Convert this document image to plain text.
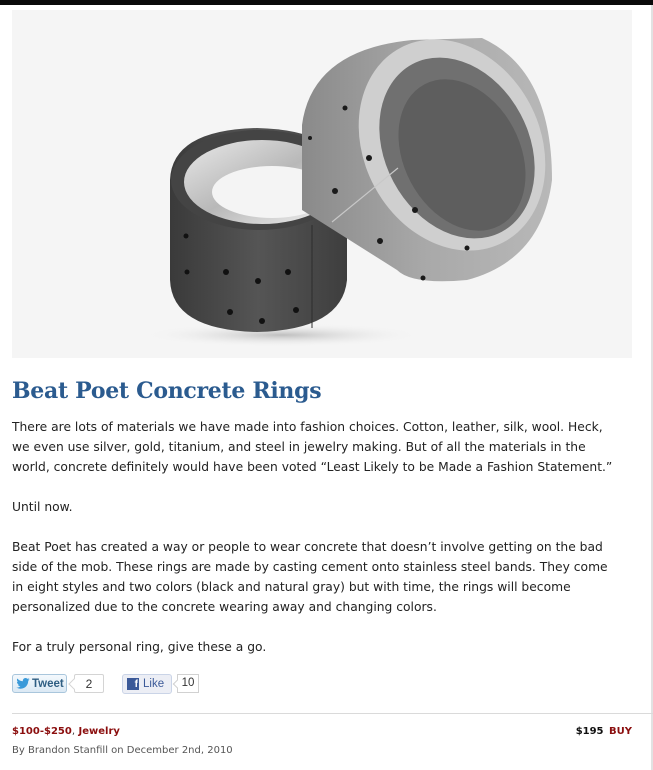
Beat Poet Concrete Rings
There are lots of materials we have made into fashion choices. Cotton, leather, silk, wool. Heck,
we even use silver, gold, titanium, and steel in jewelry making. But of all the materials in the
world, concrete definitely would have been voted “Least Likely to be Made a Fashion Statement.”
Until now.
Beat Poet has created a way or people to wear concrete that doesn’t involve getting on the bad
side of the mob. These rings are made by casting cement onto stainless steel bands. They come
in eight styles and two colors (black and natural gray) but with time, the rings will become
personalized due to the concrete wearing away and changing colors.
For a truly personal ring, give these a go.
Tweet	2	f Like	10
$100-$250, Jewelry
By Brandon Stanfill on December 2nd, 2010
$195 BUY
